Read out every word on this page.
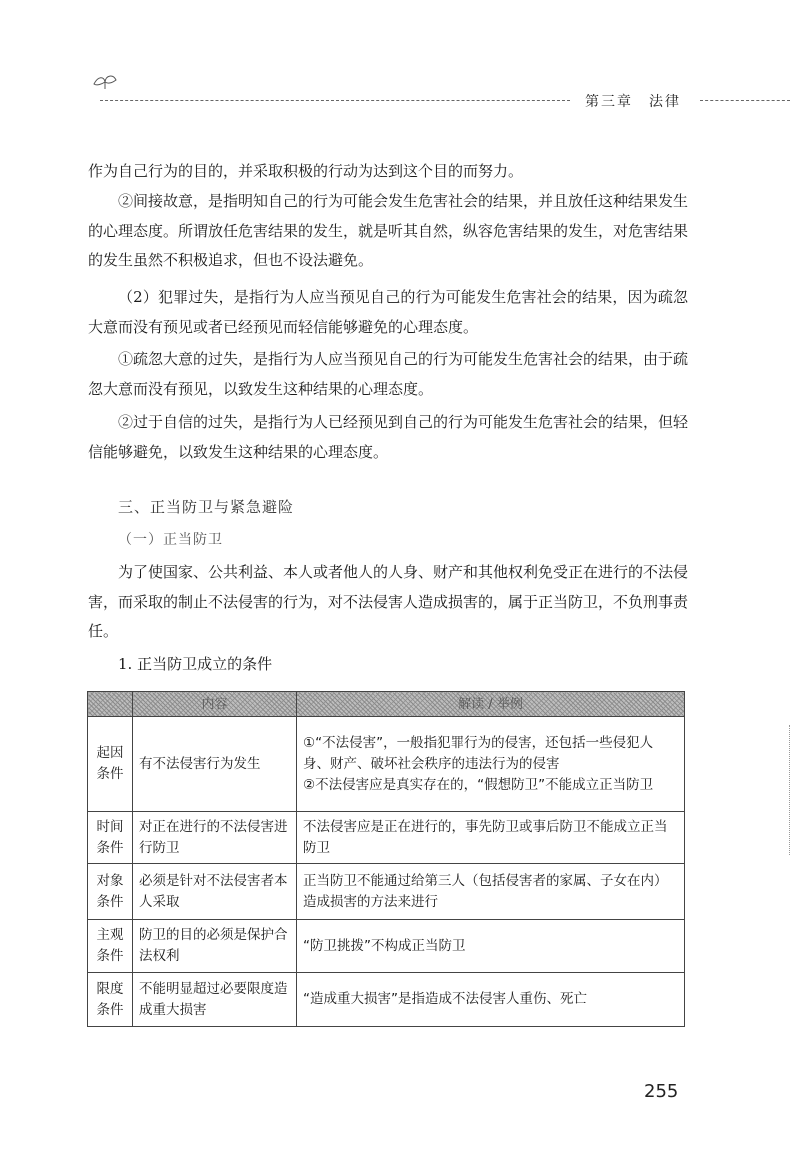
第三章　法律

作为自己行为的目的，并采取积极的行动为达到这个目的而努力。

②间接故意，是指明知自己的行为可能会发生危害社会的结果，并且放任这种结果发生的心理态度。所谓放任危害结果的发生，就是听其自然，纵容危害结果的发生，对危害结果的发生虽然不积极追求，但也不设法避免。

（2）犯罪过失，是指行为人应当预见自己的行为可能发生危害社会的结果，因为疏忽大意而没有预见或者已经预见而轻信能够避免的心理态度。

①疏忽大意的过失，是指行为人应当预见自己的行为可能发生危害社会的结果，由于疏忽大意而没有预见，以致发生这种结果的心理态度。

②过于自信的过失，是指行为人已经预见到自己的行为可能发生危害社会的结果，但轻信能够避免，以致发生这种结果的心理态度。

三、正当防卫与紧急避险
（一）正当防卫

为了使国家、公共利益、本人或者他人的人身、财产和其他权利免受正在进行的不法侵害，而采取的制止不法侵害的行为，对不法侵害人造成损害的，属于正当防卫，不负刑事责任。

1. 正当防卫成立的条件
	内容	解读 / 举例
起因条件	有不法侵害行为发生	①“不法侵害”，一般指犯罪行为的侵害，还包括一些侵犯人身、财产、破坏社会秩序的违法行为的侵害
②不法侵害应是真实存在的，“假想防卫”不能成立正当防卫
时间条件	对正在进行的不法侵害进行防卫	不法侵害应是正在进行的，事先防卫或事后防卫不能成立正当防卫
对象条件	必须是针对不法侵害者本人采取	正当防卫不能通过给第三人（包括侵害者的家属、子女在内）造成损害的方法来进行
主观条件	防卫的目的必须是保护合法权利	“防卫挑拨”不构成正当防卫
限度条件	不能明显超过必要限度造成重大损害	“造成重大损害”是指造成不法侵害人重伤、死亡
255
